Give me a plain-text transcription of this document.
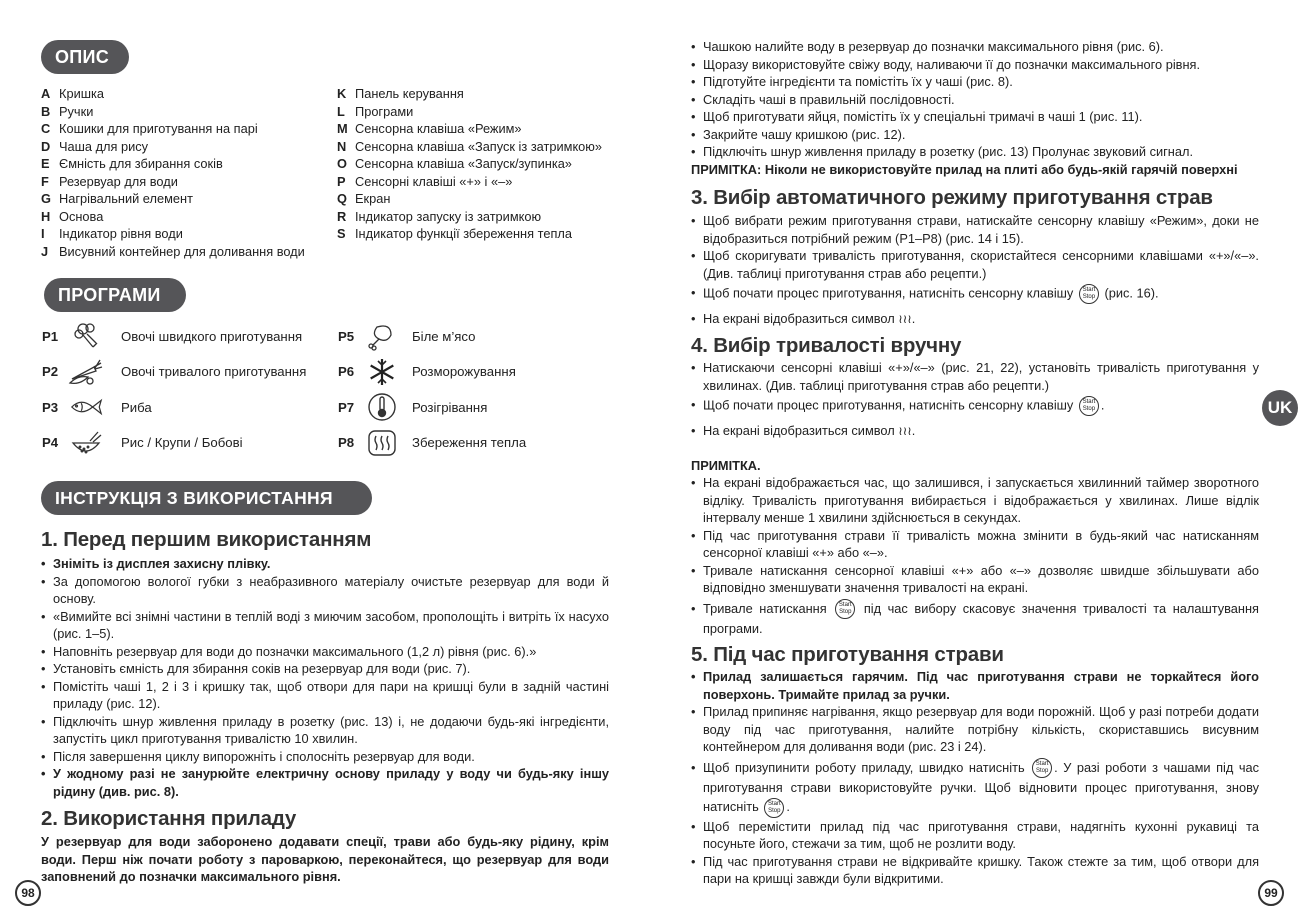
ОПИС
A Кришка
B Ручки
C Кошики для приготування на парі
D Чаша для рису
E Ємність для збирання соків
F Резервуар для води
G Нагрівальний елемент
H Основа
I Індикатор рівня води
J Висувний контейнер для доливання води
K Панель керування
L Програми
M Сенсорна клавіша «Режим»
N Сенсорна клавіша «Запуск із затримкою»
O Сенсорна клавіша «Запуск/зупинка»
P Сенсорні клавіші «+» і «–»
Q Екран
R Індикатор запуску із затримкою
S Індикатор функції збереження тепла
ПРОГРАМИ
P1	Овочі швидкого приготування
P2	Овочі тривалого приготування
P3	Риба
P4	Рис / Крупи / Бобові
P5	Біле м’ясо
P6	Розморожування
P7	Розігрівання
P8	Збереження тепла
ІНСТРУКЦІЯ З ВИКОРИСТАННЯ
1. Перед першим використанням
• Зніміть із дисплея захисну плівку.
• За допомогою вологої губки з неабразивного матеріалу очистьте резервуар для води й основу.
• «Вимийте всі знімні частини в теплій воді з миючим засобом, прополощіть і витріть їх насухо (рис. 1–5).
• Наповніть резервуар для води до позначки максимального (1,2 л) рівня (рис. 6).»
• Установіть ємність для збирання соків на резервуар для води (рис. 7).
• Помістіть чаші 1, 2 і 3 і кришку так, щоб отвори для пари на кришці були в задній частині приладу (рис. 12).
• Підключіть шнур живлення приладу в розетку (рис. 13) і, не додаючи будь-які інгредієнти, запустіть цикл приготування тривалістю 10 хвилин.
• Після завершення циклу випорожніть і сполосніть резервуар для води.
• У жодному разі не занурюйте електричну основу приладу у воду чи будь-яку іншу рідину (див. рис. 8).
2. Використання приладу
У резервуар для води заборонено додавати спеції, трави або будь-яку рідину, крім води. Перш ніж почати роботу з пароваркою, переконайтеся, що резервуар для води заповнений до позначки максимального рівня.
98
• Чашкою налийте воду в резервуар до позначки максимального рівня (рис. 6).
• Щоразу використовуйте свіжу воду, наливаючи її до позначки максимального рівня.
• Підготуйте інгредієнти та помістіть їх у чаші (рис. 8).
• Складіть чаші в правильній послідовності.
• Щоб приготувати яйця, помістіть їх у спеціальні тримачі в чаші 1 (рис. 11).
• Закрийте чашу кришкою (рис. 12).
• Підключіть шнур живлення приладу в розетку (рис. 13) Пролунає звуковий сигнал.
ПРИМІТКА: Ніколи не використовуйте прилад на плиті або будь-якій гарячій поверхні
3. Вибір автоматичного режиму приготування страв
• Щоб вибрати режим приготування страви, натискайте сенсорну клавішу «Режим», доки не відобразиться потрібний режим (P1–P8) (рис. 14 і 15).
• Щоб скоригувати тривалість приготування, скористайтеся сенсорними клавішами «+»/«–». (Див. таблиці приготування страв або рецепти.)
• Щоб почати процес приготування, натисніть сенсорну клавішу Start
Stop (рис. 16).
• На екрані відобразиться символ ≀≀≀.
4. Вибір тривалості вручну
• Натискаючи сенсорні клавіші «+»/«–» (рис. 21, 22), установіть тривалість приготування у хвилинах. (Див. таблиці приготування страв або рецепти.)
• Щоб почати процес приготування, натисніть сенсорну клавішу Start
Stop .
• На екрані відобразиться символ ≀≀≀.
ПРИМІТКА.
• На екрані відображається час, що залишився, і запускається хвилинний таймер зворотного відліку. Тривалість приготування вибирається і відображається у хвилинах. Лише відлік інтервалу менше 1 хвилини здійснюється в секундах.
• Під час приготування страви її тривалість можна змінити в будь-який час натисканням сенсорної клавіші «+» або «–».
• Тривале натискання сенсорної клавіші «+» або «–» дозволяє швидше збільшувати або відповідно зменшувати значення тривалості на екрані.
• Тривале натискання Start
Stop під час вибору скасовує значення тривалості та налаштування програми.
5. Під час приготування страви
• Прилад залишається гарячим. Під час приготування страви не торкайтеся його поверхонь. Тримайте прилад за ручки.
• Прилад припиняє нагрівання, якщо резервуар для води порожній. Щоб у разі потреби додати воду під час приготування, налийте потрібну кількість, скориставшись висувним контейнером для доливання води (рис. 23 і 24).
• Щоб призупинити роботу приладу, швидко натисніть Start
Stop . У разі роботи з чашами під час приготування страви використовуйте ручки. Щоб відновити процес приготування, знову натисніть Start
Stop .
• Щоб перемістити прилад під час приготування страви, надягніть кухонні рукавиці та посуньте його, стежачи за тим, щоб не розлити воду.
• Під час приготування страви не відкривайте кришку. Також стежте за тим, щоб отвори для пари на кришці завжди були відкритими.
UK
99
